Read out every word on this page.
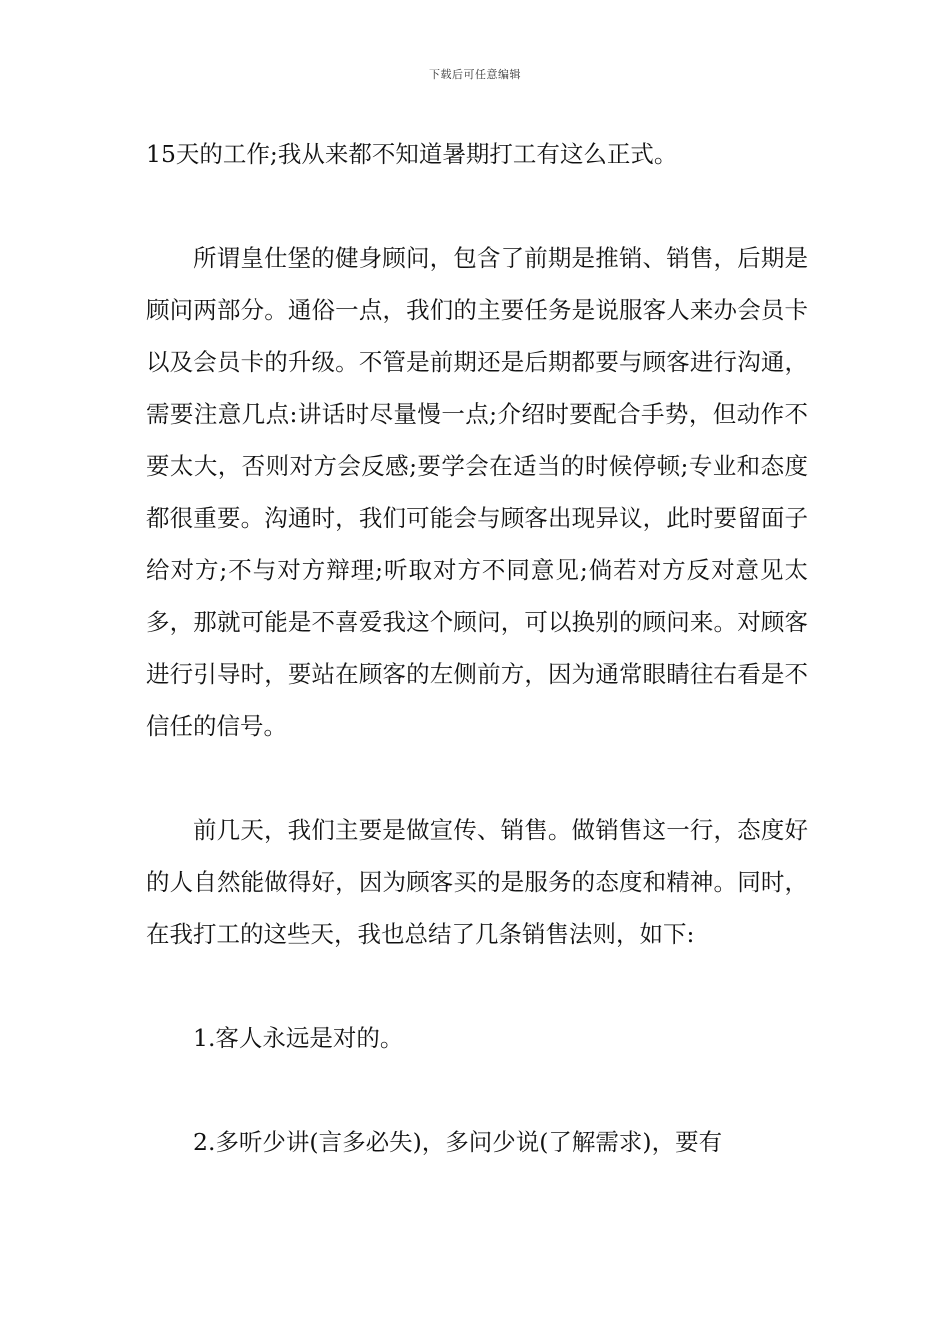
下载后可任意编辑

15天的工作;我从来都不知道暑期打工有这么正式。

所谓皇仕堡的健身顾问，包含了前期是推销、销售，后期是顾问两部分。通俗一点，我们的主要任务是说服客人来办会员卡以及会员卡的升级。不管是前期还是后期都要与顾客进行沟通，需要注意几点:讲话时尽量慢一点;介绍时要配合手势，但动作不要太大，否则对方会反感;要学会在适当的时候停顿;专业和态度都很重要。沟通时，我们可能会与顾客出现异议，此时要留面子给对方;不与对方辩理;听取对方不同意见;倘若对方反对意见太多，那就可能是不喜爱我这个顾问，可以换别的顾问来。对顾客进行引导时，要站在顾客的左侧前方，因为通常眼睛往右看是不信任的信号。

前几天，我们主要是做宣传、销售。做销售这一行，态度好的人自然能做得好，因为顾客买的是服务的态度和精神。同时，在我打工的这些天，我也总结了几条销售法则，如下:

1.客人永远是对的。

2.多听少讲(言多必失)，多问少说(了解需求)，要有
